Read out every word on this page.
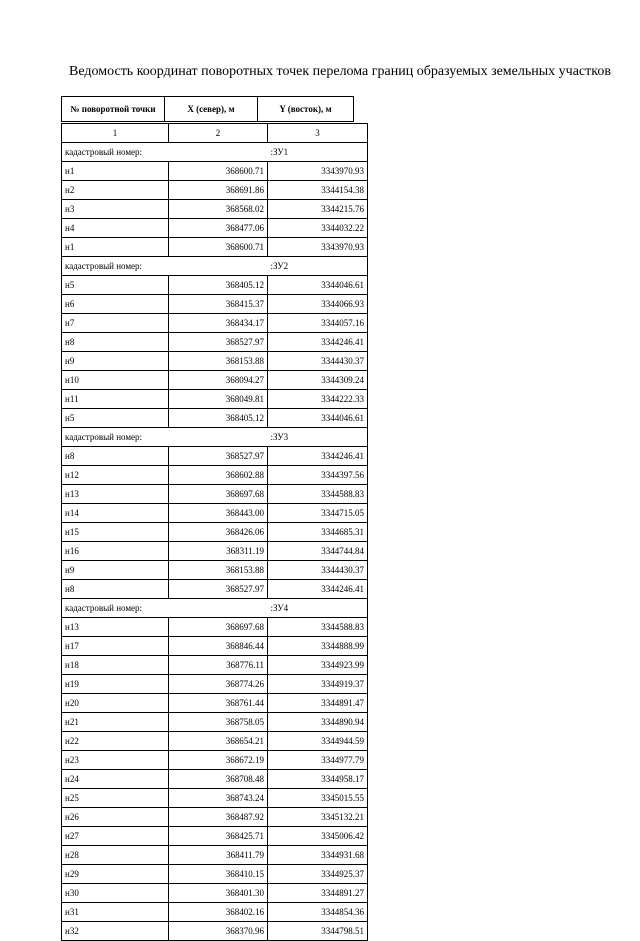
Ведомость координат поворотных точек перелома границ образуемых земельных участков
№ поворотной точки	X (север), м	Y (восток), м
1	2	3
кадастровый номер:		:ЗУ1
н1	368600.71	3343970.93
н2	368691.86	3344154.38
н3	368568.02	3344215.76
н4	368477.06	3344032.22
н1	368600.71	3343970.93
кадастровый номер:		:ЗУ2
н5	368405.12	3344046.61
н6	368415.37	3344066.93
н7	368434.17	3344057.16
н8	368527.97	3344246.41
н9	368153.88	3344430.37
н10	368094.27	3344309.24
н11	368049.81	3344222.33
н5	368405.12	3344046.61
кадастровый номер:		:ЗУ3
н8	368527.97	3344246.41
н12	368602.88	3344397.56
н13	368697.68	3344588.83
н14	368443.00	3344715.05
н15	368426.06	3344685.31
н16	368311.19	3344744.84
н9	368153.88	3344430.37
н8	368527.97	3344246.41
кадастровый номер:		:ЗУ4
н13	368697.68	3344588.83
н17	368846.44	3344888.99
н18	368776.11	3344923.99
н19	368774.26	3344919.37
н20	368761.44	3344891.47
н21	368758.05	3344890.94
н22	368654.21	3344944.59
н23	368672.19	3344977.79
н24	368708.48	3344958.17
н25	368743.24	3345015.55
н26	368487.92	3345132.21
н27	368425.71	3345006.42
н28	368411.79	3344931.68
н29	368410.15	3344925.37
н30	368401.30	3344891.27
н31	368402.16	3344854.36
н32	368370.96	3344798.51
